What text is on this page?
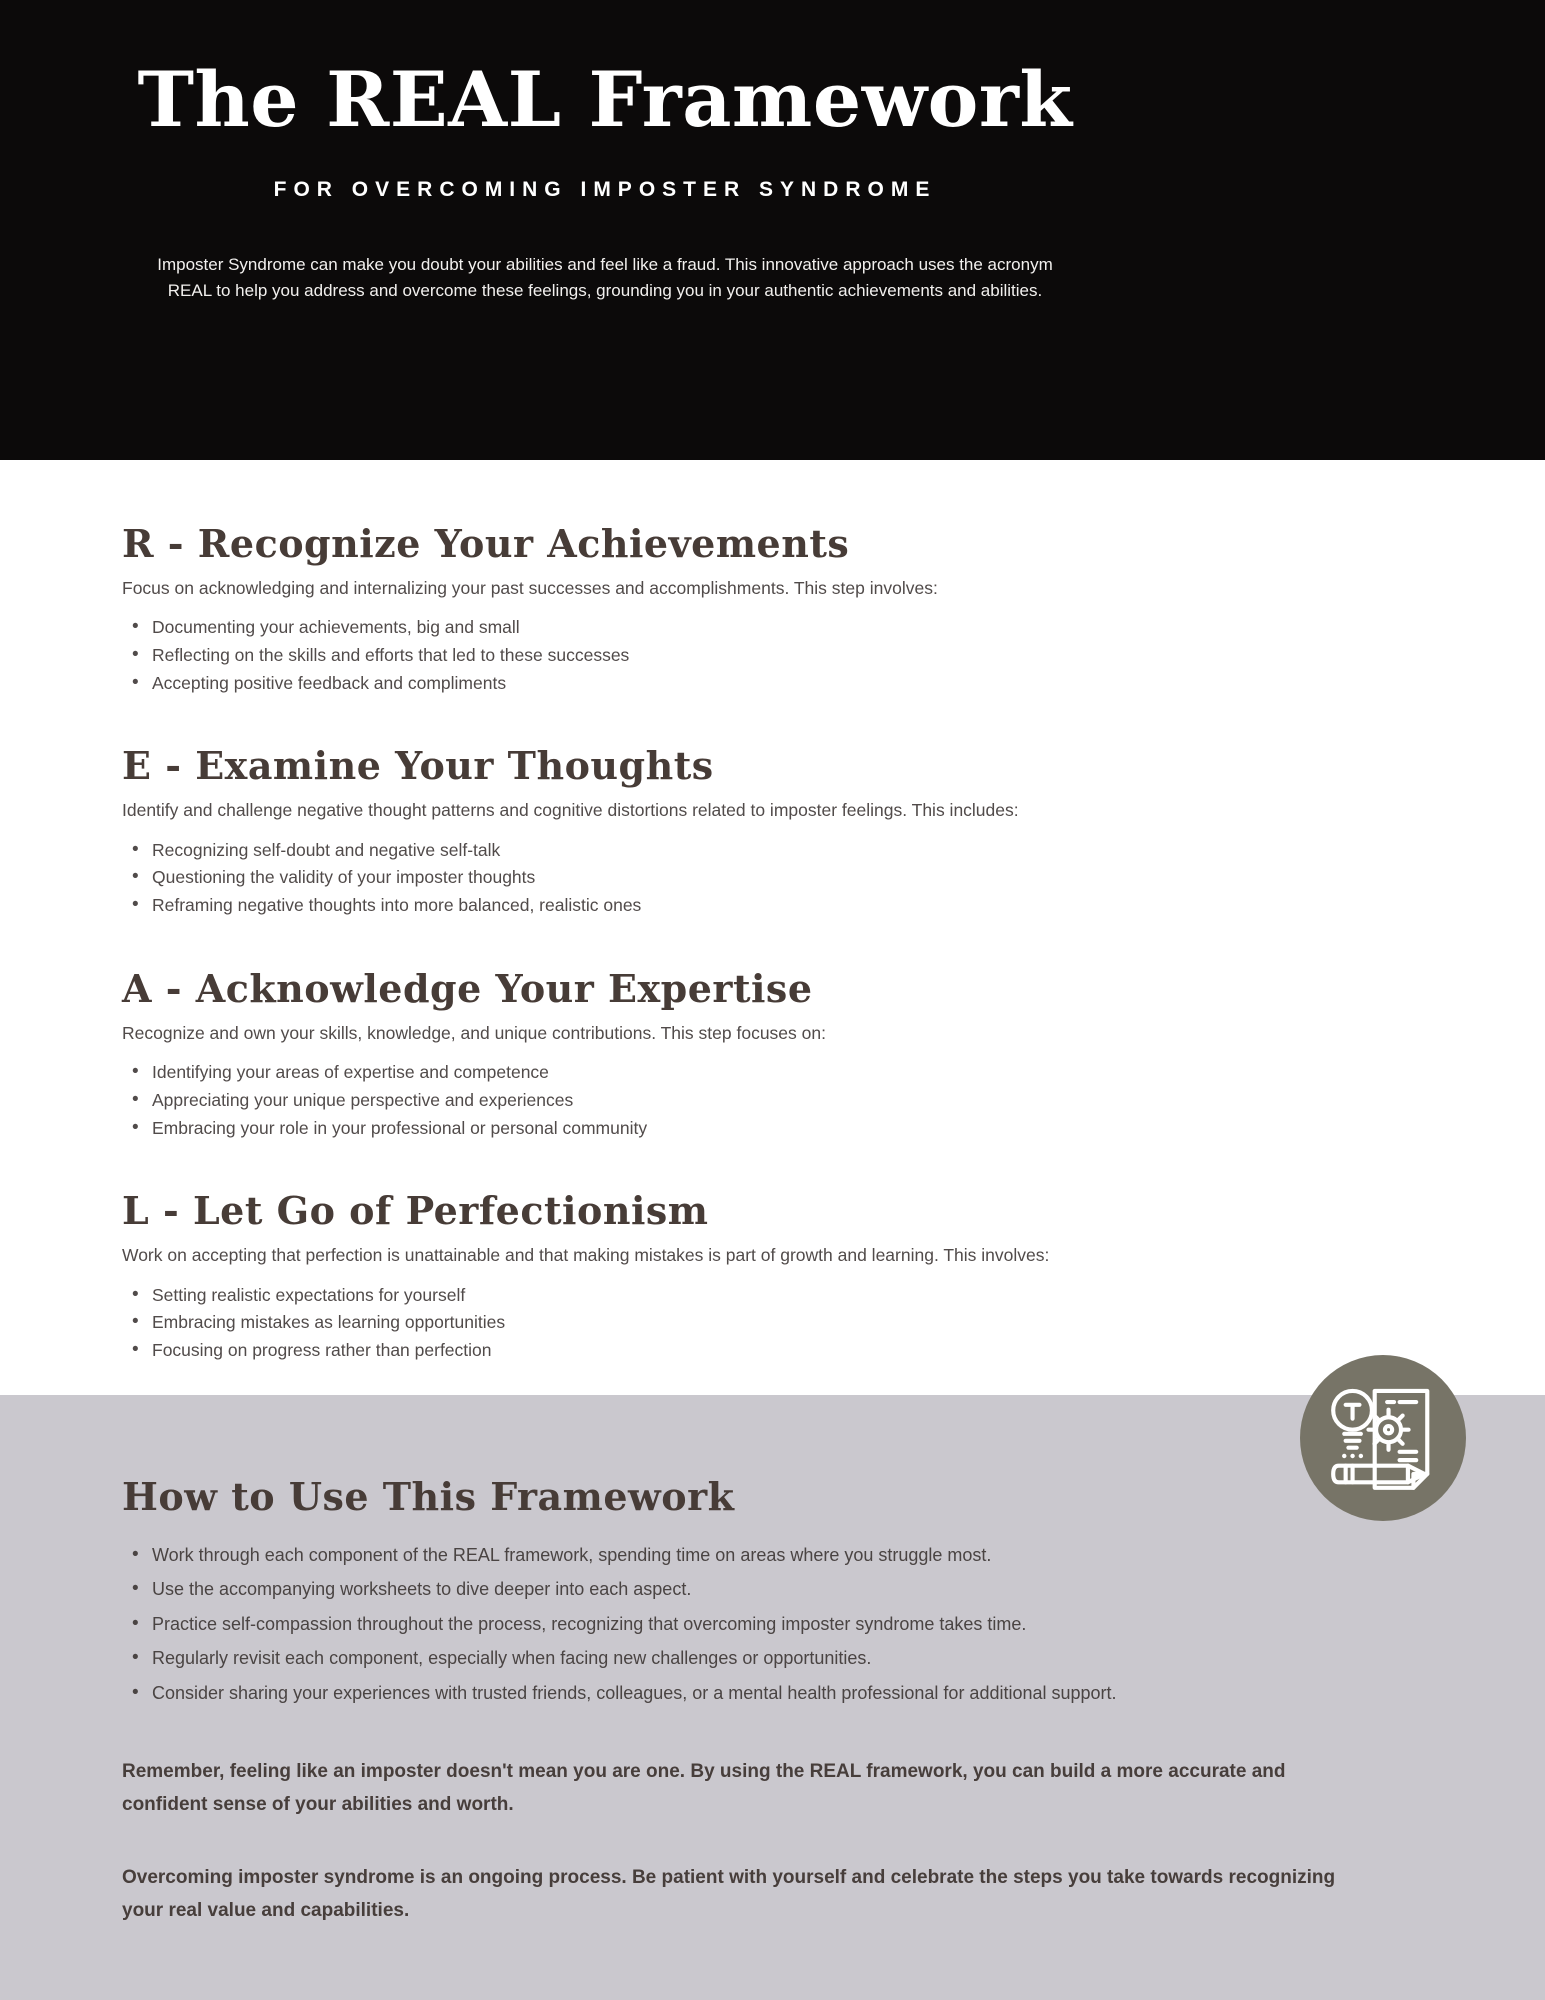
The REAL Framework
FOR OVERCOMING IMPOSTER SYNDROME

Imposter Syndrome can make you doubt your abilities and feel like a fraud. This innovative approach uses the acronym REAL to help you address and overcome these feelings, grounding you in your authentic achievements and abilities.

R - Recognize Your Achievements

Focus on acknowledging and internalizing your past successes and accomplishments. This step involves:

• Documenting your achievements, big and small
• Reflecting on the skills and efforts that led to these successes
• Accepting positive feedback and compliments
E - Examine Your Thoughts

Identify and challenge negative thought patterns and cognitive distortions related to imposter feelings. This includes:

• Recognizing self-doubt and negative self-talk
• Questioning the validity of your imposter thoughts
• Reframing negative thoughts into more balanced, realistic ones
A - Acknowledge Your Expertise

Recognize and own your skills, knowledge, and unique contributions. This step focuses on:

• Identifying your areas of expertise and competence
• Appreciating your unique perspective and experiences
• Embracing your role in your professional or personal community
L - Let Go of Perfectionism

Work on accepting that perfection is unattainable and that making mistakes is part of growth and learning. This involves:

• Setting realistic expectations for yourself
• Embracing mistakes as learning opportunities
• Focusing on progress rather than perfection
How to Use This Framework
• Work through each component of the REAL framework, spending time on areas where you struggle most.
• Use the accompanying worksheets to dive deeper into each aspect.
• Practice self-compassion throughout the process, recognizing that overcoming imposter syndrome takes time.
• Regularly revisit each component, especially when facing new challenges or opportunities.
• Consider sharing your experiences with trusted friends, colleagues, or a mental health professional for additional support.

Remember, feeling like an imposter doesn't mean you are one. By using the REAL framework, you can build a more accurate and confident sense of your abilities and worth.

Overcoming imposter syndrome is an ongoing process. Be patient with yourself and celebrate the steps you take towards recognizing your real value and capabilities.
